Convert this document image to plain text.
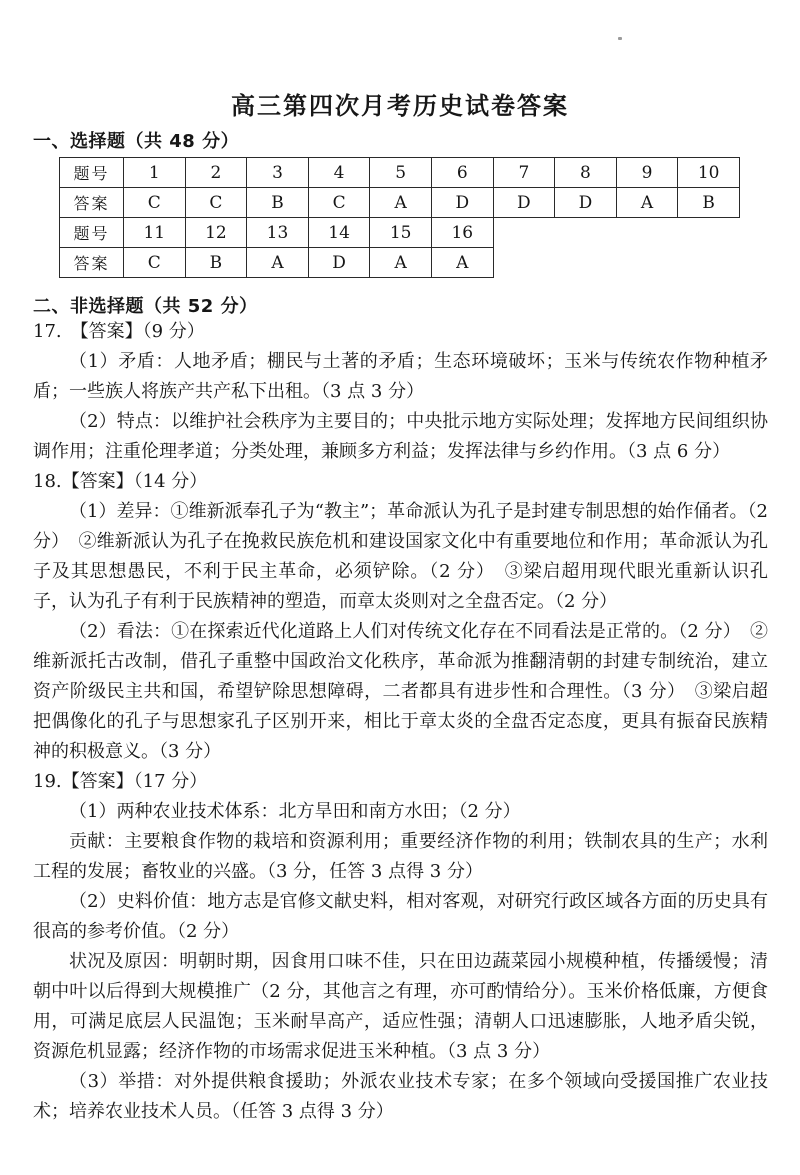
高三第四次月考历史试卷答案
一、选择题（共 48 分）
题号	1	2	3	4	5	6	7	8	9	10
答案	C	C	B	C	A	D	D	D	A	B
题号	11	12	13	14	15	16				
答案	C	B	A	D	A	A				
二、非选择题（共 52 分）

17.　【答案】（9 分）

（1）矛盾：人地矛盾；棚民与土著的矛盾；生态环境破坏；玉米与传统农作物种植矛盾；一些族人将族产共产私下出租。（3 点 3 分）

（2）特点：以维护社会秩序为主要目的；中央批示地方实际处理；发挥地方民间组织协调作用；注重伦理孝道；分类处理，兼顾多方利益；发挥法律与乡约作用。（3 点 6 分）

18.【答案】（14 分）

（1）差异：①维新派奉孔子为“教主”；革命派认为孔子是封建专制思想的始作俑者。（2 分）　②维新派认为孔子在挽救民族危机和建设国家文化中有重要地位和作用；革命派认为孔子及其思想愚民，不利于民主革命，必须铲除。（2 分）　③梁启超用现代眼光重新认识孔子，认为孔子有利于民族精神的塑造，而章太炎则对之全盘否定。（2 分）

（2）看法：①在探索近代化道路上人们对传统文化存在不同看法是正常的。（2 分）　②维新派托古改制，借孔子重整中国政治文化秩序，革命派为推翻清朝的封建专制统治，建立资产阶级民主共和国，希望铲除思想障碍，二者都具有进步性和合理性。（3 分）　③梁启超把偶像化的孔子与思想家孔子区别开来，相比于章太炎的全盘否定态度，更具有振奋民族精神的积极意义。（3 分）

19.【答案】（17 分）

（1）两种农业技术体系：北方旱田和南方水田；（2 分）

贡献：主要粮食作物的栽培和资源利用；重要经济作物的利用；铁制农具的生产；水利工程的发展；畜牧业的兴盛。（3 分，任答 3 点得 3 分）

（2）史料价值：地方志是官修文献史料，相对客观，对研究行政区域各方面的历史具有很高的参考价值。（2 分）

状况及原因：明朝时期，因食用口味不佳，只在田边蔬菜园小规模种植，传播缓慢；清朝中叶以后得到大规模推广（2 分，其他言之有理，亦可酌情给分）。玉米价格低廉，方便食用，可满足底层人民温饱；玉米耐旱高产，适应性强；清朝人口迅速膨胀，人地矛盾尖锐，资源危机显露；经济作物的市场需求促进玉米种植。（3 点 3 分）

（3）举措：对外提供粮食援助；外派农业技术专家；在多个领域向受援国推广农业技术；培养农业技术人员。（任答 3 点得 3 分）
